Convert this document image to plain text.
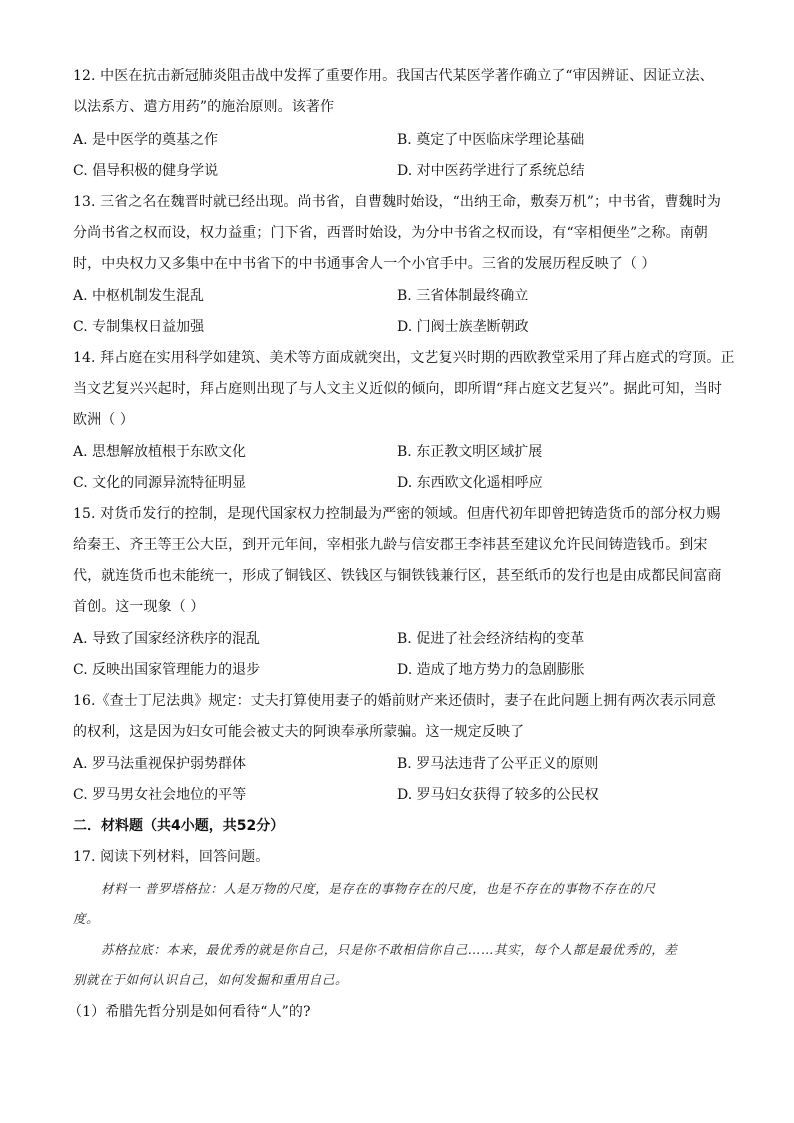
12. 中医在抗击新冠肺炎阻击战中发挥了重要作用。我国古代某医学著作确立了“审因辨证、因证立法、
以法系方、遣方用药”的施治原则。该著作
A. 是中医学的奠基之作	B. 奠定了中医临床学理论基础
C. 倡导积极的健身学说	D. 对中医药学进行了系统总结
13. 三省之名在魏晋时就已经出现。尚书省，自曹魏时始设，“出纳王命，敷奏万机”；中书省，曹魏时为
分尚书省之权而设，权力益重；门下省，西晋时始设，为分中书省之权而设，有“宰相便坐”之称。南朝
时，中央权力又多集中在中书省下的中书通事舍人一个小官手中。三省的发展历程反映了（ ）
A. 中枢机制发生混乱	B. 三省体制最终确立
C. 专制集权日益加强	D. 门阀士族垄断朝政
14. 拜占庭在实用科学如建筑、美术等方面成就突出，文艺复兴时期的西欧教堂采用了拜占庭式的穹顶。正
当文艺复兴兴起时，拜占庭则出现了与人文主义近似的倾向，即所谓“拜占庭文艺复兴”。据此可知，当时
欧洲（ ）
A. 思想解放植根于东欧文化	B. 东正教文明区域扩展
C. 文化的同源异流特征明显	D. 东西欧文化遥相呼应
15. 对货币发行的控制，是现代国家权力控制最为严密的领域。但唐代初年即曾把铸造货币的部分权力赐
给秦王、齐王等王公大臣，到开元年间，宰相张九龄与信安郡王李祎甚至建议允许民间铸造钱币。到宋
代，就连货币也未能统一，形成了铜钱区、铁钱区与铜铁钱兼行区，甚至纸币的发行也是由成都民间富商
首创。这一现象（ ）
A. 导致了国家经济秩序的混乱	B. 促进了社会经济结构的变革
C. 反映出国家管理能力的退步	D. 造成了地方势力的急剧膨胀
16.《查士丁尼法典》规定：丈夫打算使用妻子的婚前财产来还债时，妻子在此问题上拥有两次表示同意
的权利，这是因为妇女可能会被丈夫的阿谀奉承所蒙骗。这一规定反映了
A. 罗马法重视保护弱势群体	B. 罗马法违背了公平正义的原则
C. 罗马男女社会地位的平等	D. 罗马妇女获得了较多的公民权
二．材料题（共4小题，共52分）
17. 阅读下列材料，回答问题。
材料一 普罗塔格拉：人是万物的尺度，是存在的事物存在的尺度，也是不存在的事物不存在的尺
度。
苏格拉底：本来，最优秀的就是你自己，只是你不敢相信你自己……其实，每个人都是最优秀的，差
别就在于如何认识自己，如何发掘和重用自己。
（1）希腊先哲分别是如何看待“人”的?
